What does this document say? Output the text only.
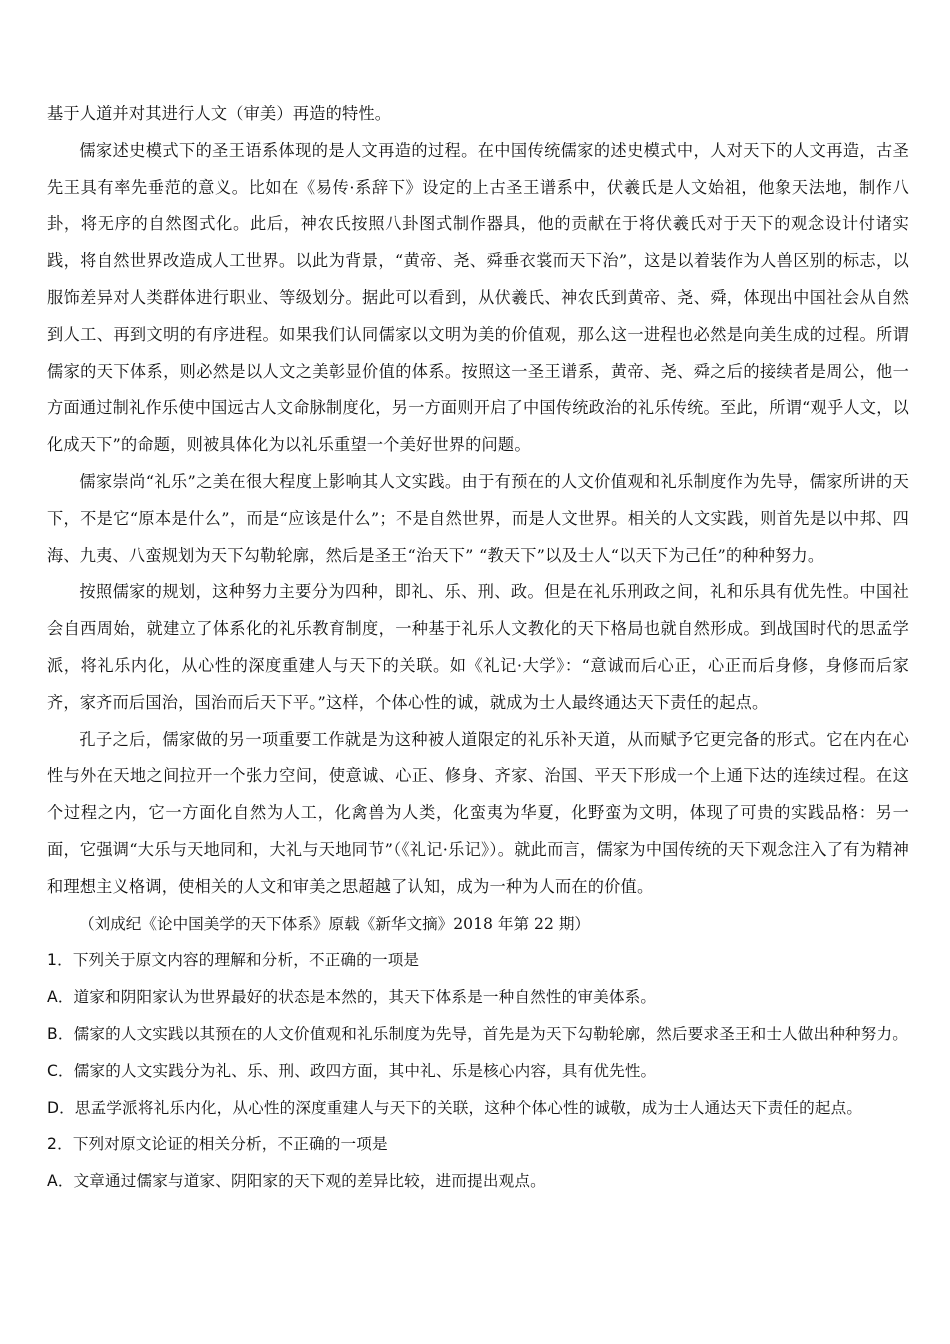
基于人道并对其进行人文（审美）再造的特性。

儒家述史模式下的圣王语系体现的是人文再造的过程。在中国传统儒家的述史模式中，人对天下的人文再造，古圣先王具有率先垂范的意义。比如在《易传·系辞下》设定的上古圣王谱系中，伏羲氏是人文始祖，他象天法地，制作八卦，将无序的自然图式化。此后，神农氏按照八卦图式制作器具，他的贡献在于将伏羲氏对于天下的观念设计付诸实践，将自然世界改造成人工世界。以此为背景，“黄帝、尧、舜垂衣裳而天下治”，这是以着装作为人兽区别的标志，以服饰差异对人类群体进行职业、等级划分。据此可以看到，从伏羲氏、神农氏到黄帝、尧、舜，体现出中国社会从自然到人工、再到文明的有序进程。如果我们认同儒家以文明为美的价值观，那么这一进程也必然是向美生成的过程。所谓儒家的天下体系，则必然是以人文之美彰显价值的体系。按照这一圣王谱系，黄帝、尧、舜之后的接续者是周公，他一方面通过制礼作乐使中国远古人文命脉制度化，另一方面则开启了中国传统政治的礼乐传统。至此，所谓“观乎人文，以化成天下”的命题，则被具体化为以礼乐重望一个美好世界的问题。

儒家崇尚“礼乐”之美在很大程度上影响其人文实践。由于有预在的人文价值观和礼乐制度作为先导，儒家所讲的天下，不是它“原本是什么”，而是“应该是什么”；不是自然世界，而是人文世界。相关的人文实践，则首先是以中邦、四海、九夷、八蛮规划为天下勾勒轮廓，然后是圣王“治天下” “教天下”以及士人“以天下为己任”的种种努力。

按照儒家的规划，这种努力主要分为四种，即礼、乐、刑、政。但是在礼乐刑政之间，礼和乐具有优先性。中国社会自西周始，就建立了体系化的礼乐教育制度，一种基于礼乐人文教化的天下格局也就自然形成。到战国时代的思孟学派，将礼乐内化，从心性的深度重建人与天下的关联。如《礼记·大学》：“意诚而后心正，心正而后身修，身修而后家齐，家齐而后国治，国治而后天下平。”这样，个体心性的诚，就成为士人最终通达天下责任的起点。

孔子之后，儒家做的另一项重要工作就是为这种被人道限定的礼乐补天道，从而赋予它更完备的形式。它在内在心性与外在天地之间拉开一个张力空间，使意诚、心正、修身、齐家、治国、平天下形成一个上通下达的连续过程。在这个过程之内，它一方面化自然为人工，化禽兽为人类，化蛮夷为华夏，化野蛮为文明，体现了可贵的实践品格：另一面，它强调“大乐与天地同和，大礼与天地同节”（《礼记·乐记》）。就此而言，儒家为中国传统的天下观念注入了有为精神和理想主义格调，使相关的人文和审美之思超越了认知，成为一种为人而在的价值。

（刘成纪《论中国美学的天下体系》原载《新华文摘》2018 年第 22 期）

1．下列关于原文内容的理解和分析，不正确的一项是

A．道家和阴阳家认为世界最好的状态是本然的，其天下体系是一种自然性的审美体系。

B．儒家的人文实践以其预在的人文价值观和礼乐制度为先导，首先是为天下勾勒轮廓，然后要求圣王和士人做出种种努力。

C．儒家的人文实践分为礼、乐、刑、政四方面，其中礼、乐是核心内容，具有优先性。

D．思孟学派将礼乐内化，从心性的深度重建人与天下的关联，这种个体心性的诚敬，成为士人通达天下责任的起点。

2．下列对原文论证的相关分析，不正确的一项是

A．文章通过儒家与道家、阴阳家的天下观的差异比较，进而提出观点。
